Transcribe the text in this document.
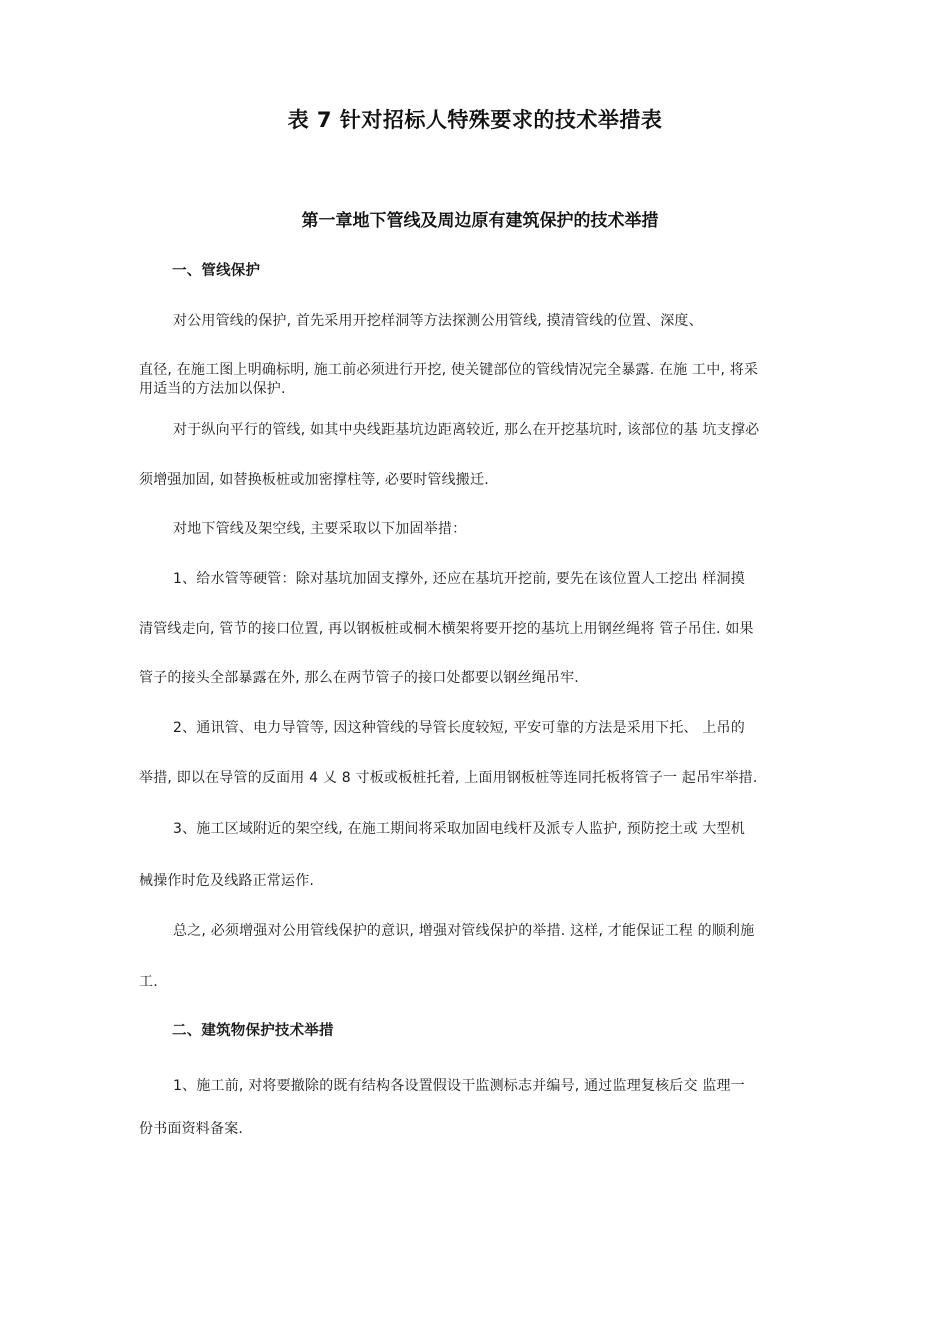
表 7 针对招标人特殊要求的技术举措表
第一章地下管线及周边原有建筑保护的技术举措
一、管线保护
对公用管线的保护, 首先采用开挖样洞等方法探测公用管线, 摸清管线的位置、深度、
直径, 在施工图上明确标明, 施工前必须进行开挖, 使关键部位的管线情况完全暴露. 在施 工中, 将采
用适当的方法加以保护.
对于纵向平行的管线, 如其中央线距基坑边距离较近, 那么在开挖基坑时, 该部位的基 坑支撑必
须增强加固, 如替换板桩或加密撑柱等, 必要时管线搬迁.
对地下管线及架空线, 主要采取以下加固举措：
1、给水管等硬管：除对基坑加固支撑外, 还应在基坑开挖前, 要先在该位置人工挖出 样洞摸
清管线走向, 管节的接口位置, 再以钢板桩或桐木横架将要开挖的基坑上用钢丝绳将 管子吊住. 如果
管子的接头全部暴露在外, 那么在两节管子的接口处都要以钢丝绳吊牢.
2、通讯管、电力导管等, 因这种管线的导管长度较短, 平安可靠的方法是采用下托、 上吊的
举措, 即以在导管的反面用 4 乂 8 寸板或板桩托着, 上面用钢板桩等连同托板将管子一 起吊牢举措.
3、施工区域附近的架空线, 在施工期间将采取加固电线杆及派专人监护, 预防挖土或 大型机
械操作时危及线路正常运作.
总之, 必须增强对公用管线保护的意识, 增强对管线保护的举措. 这样, 才能保证工程 的顺利施
工.
二、建筑物保护技术举措
1、施工前, 对将要撤除的既有结构各设置假设干监测标志并编号, 通过监理复核后交 监理一
份书面资料备案.
